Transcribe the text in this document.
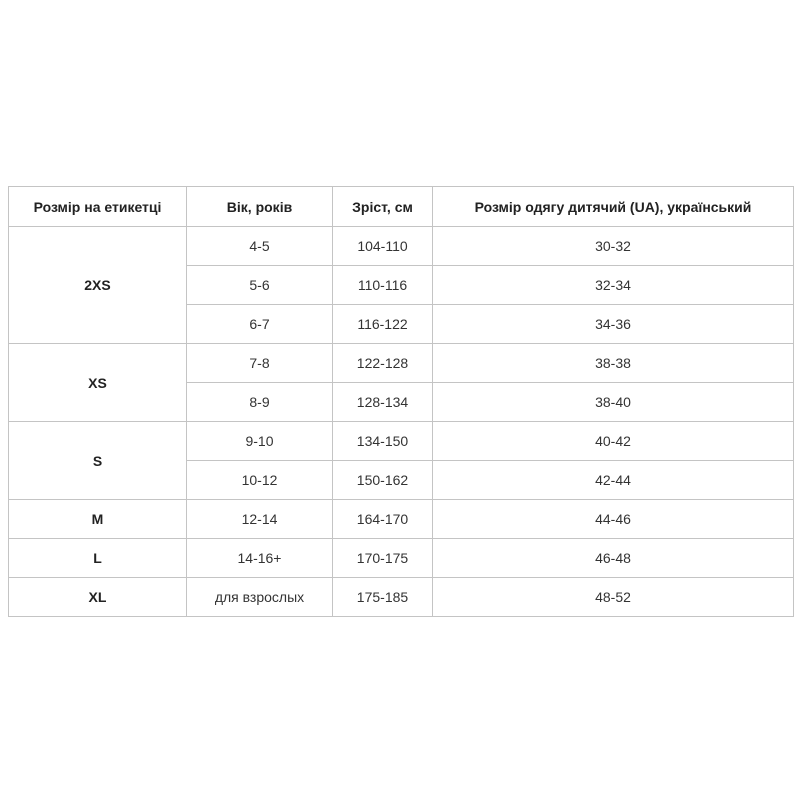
Розмір на етикетці	Вік, років	Зріст, см	Розмір одягу дитячий (UA), український
2XS	4-5	104-110	30-32
	5-6	110-116	32-34
	6-7	116-122	34-36
XS	7-8	122-128	38-38
	8-9	128-134	38-40
S	9-10	134-150	40-42
	10-12	150-162	42-44
M	12-14	164-170	44-46
L	14-16+	170-175	46-48
XL	для взрослых	175-185	48-52
